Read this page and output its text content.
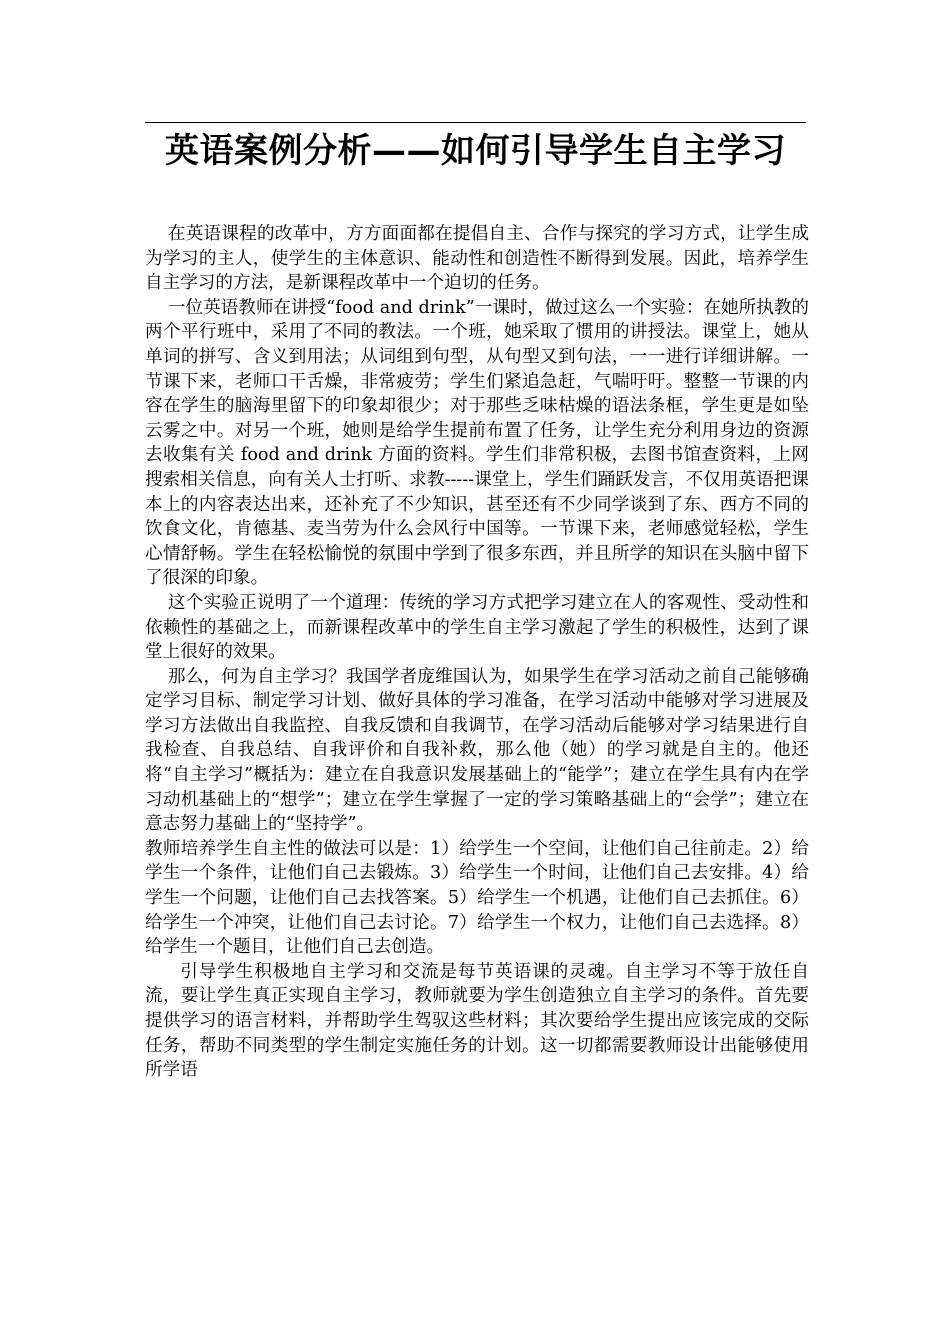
英语案例分析——如何引导学生自主学习

在英语课程的改革中，方方面面都在提倡自主、合作与探究的学习方式，让学生成为学习的主人，使学生的主体意识、能动性和创造性不断得到发展。因此，培养学生自主学习的方法，是新课程改革中一个迫切的任务。

一位英语教师在讲授“food and drink”一课时，做过这么一个实验：在她所执教的两个平行班中，采用了不同的教法。一个班，她采取了惯用的讲授法。课堂上，她从单词的拼写、含义到用法；从词组到句型，从句型又到句法，一一进行详细讲解。一节课下来，老师口干舌燥，非常疲劳；学生们紧追急赶，气喘吁吁。整整一节课的内容在学生的脑海里留下的印象却很少；对于那些乏味枯燥的语法条框，学生更是如坠云雾之中。对另一个班，她则是给学生提前布置了任务，让学生充分利用身边的资源去收集有关 food and drink 方面的资料。学生们非常积极，去图书馆查资料，上网搜索相关信息，向有关人士打听、求教-----课堂上，学生们踊跃发言，不仅用英语把课本上的内容表达出来，还补充了不少知识，甚至还有不少同学谈到了东、西方不同的饮食文化，肯德基、麦当劳为什么会风行中国等。一节课下来，老师感觉轻松，学生心情舒畅。学生在轻松愉悦的氛围中学到了很多东西，并且所学的知识在头脑中留下了很深的印象。

这个实验正说明了一个道理：传统的学习方式把学习建立在人的客观性、受动性和依赖性的基础之上，而新课程改革中的学生自主学习激起了学生的积极性，达到了课堂上很好的效果。

那么，何为自主学习？我国学者庞维国认为，如果学生在学习活动之前自己能够确定学习目标、制定学习计划、做好具体的学习准备，在学习活动中能够对学习进展及学习方法做出自我监控、自我反馈和自我调节，在学习活动后能够对学习结果进行自我检查、自我总结、自我评价和自我补救，那么他（她）的学习就是自主的。他还将“自主学习”概括为：建立在自我意识发展基础上的“能学”；建立在学生具有内在学习动机基础上的“想学”；建立在学生掌握了一定的学习策略基础上的“会学”；建立在意志努力基础上的“坚持学”。

教师培养学生自主性的做法可以是：1）给学生一个空间，让他们自己往前走。2）给学生一个条件，让他们自己去锻炼。3）给学生一个时间，让他们自己去安排。4）给学生一个问题，让他们自己去找答案。5）给学生一个机遇，让他们自己去抓住。6）给学生一个冲突，让他们自己去讨论。7）给学生一个权力，让他们自己去选择。8）给学生一个题目，让他们自己去创造。

引导学生积极地自主学习和交流是每节英语课的灵魂。自主学习不等于放任自流，要让学生真正实现自主学习，教师就要为学生创造独立自主学习的条件。首先要提供学习的语言材料，并帮助学生驾驭这些材料；其次要给学生提出应该完成的交际任务，帮助不同类型的学生制定实施任务的计划。这一切都需要教师设计出能够使用所学语
